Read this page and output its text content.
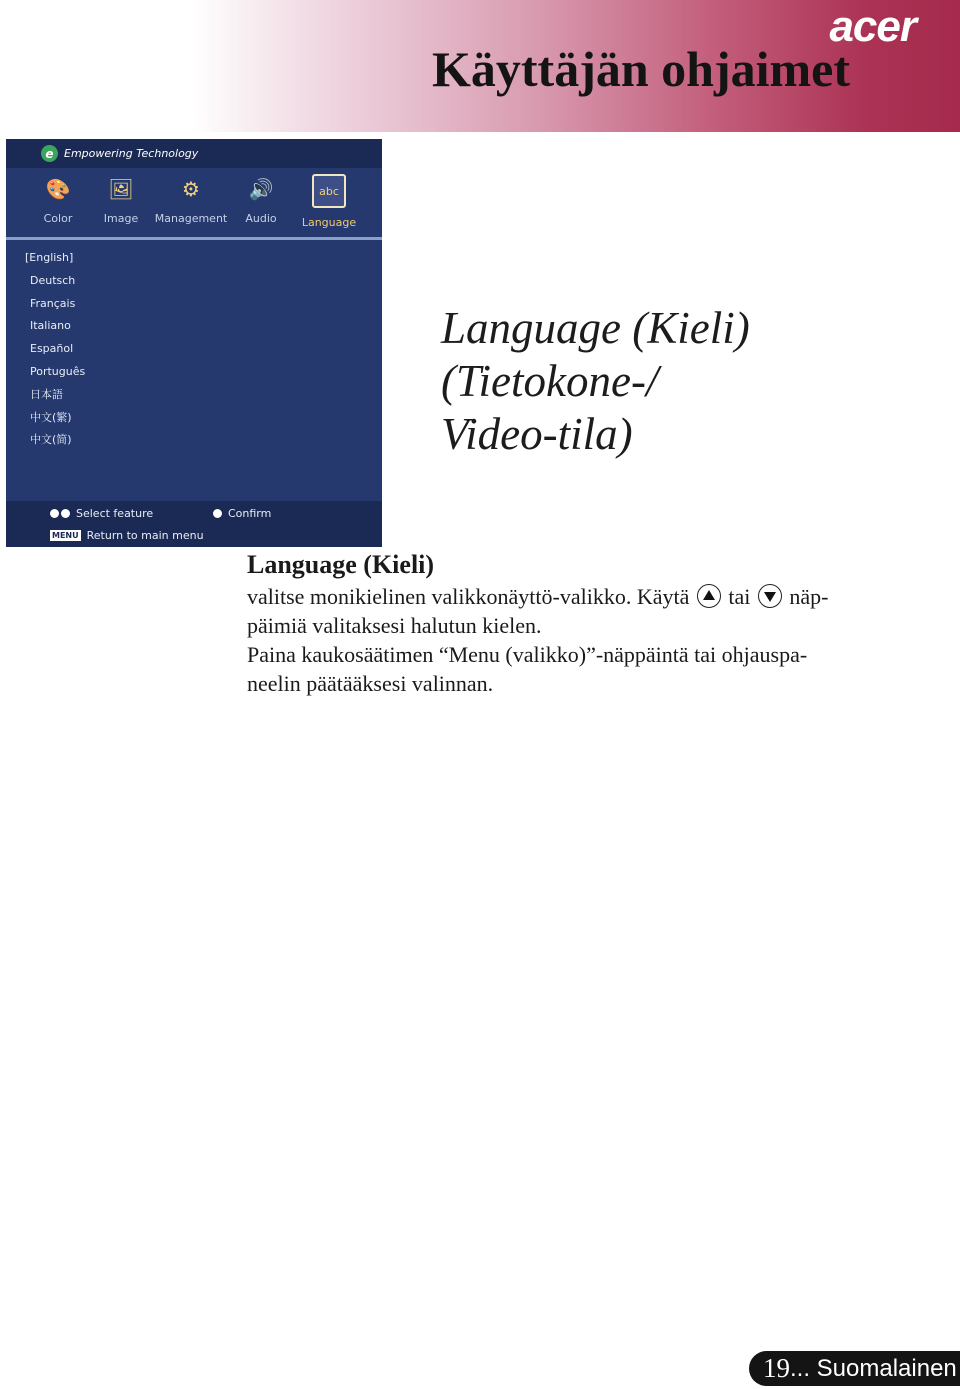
acer
Käyttäjän ohjaimet
e Empowering Technology
🎨
Color
🖼
Image
⚙
Management
🔊
Audio
abc
Language
[English]
Deutsch
Français
Italiano
Español
Português
日本語
中文(繁)
中文(简)
Select feature	Confirm
MENU Return to main menu
Language (Kieli)
(Tietokone-/
Video-tila)
Language (Kieli)

valitse monikielinen valikkonäyttö-valikko. Käytä tai näp-
päimiä valitaksesi halutun kielen.
Paina kaukosäätimen “Menu (valikko)”-näppäintä tai ohjauspa-
neelin päätääksesi valinnan.

19 ... Suomalainen
